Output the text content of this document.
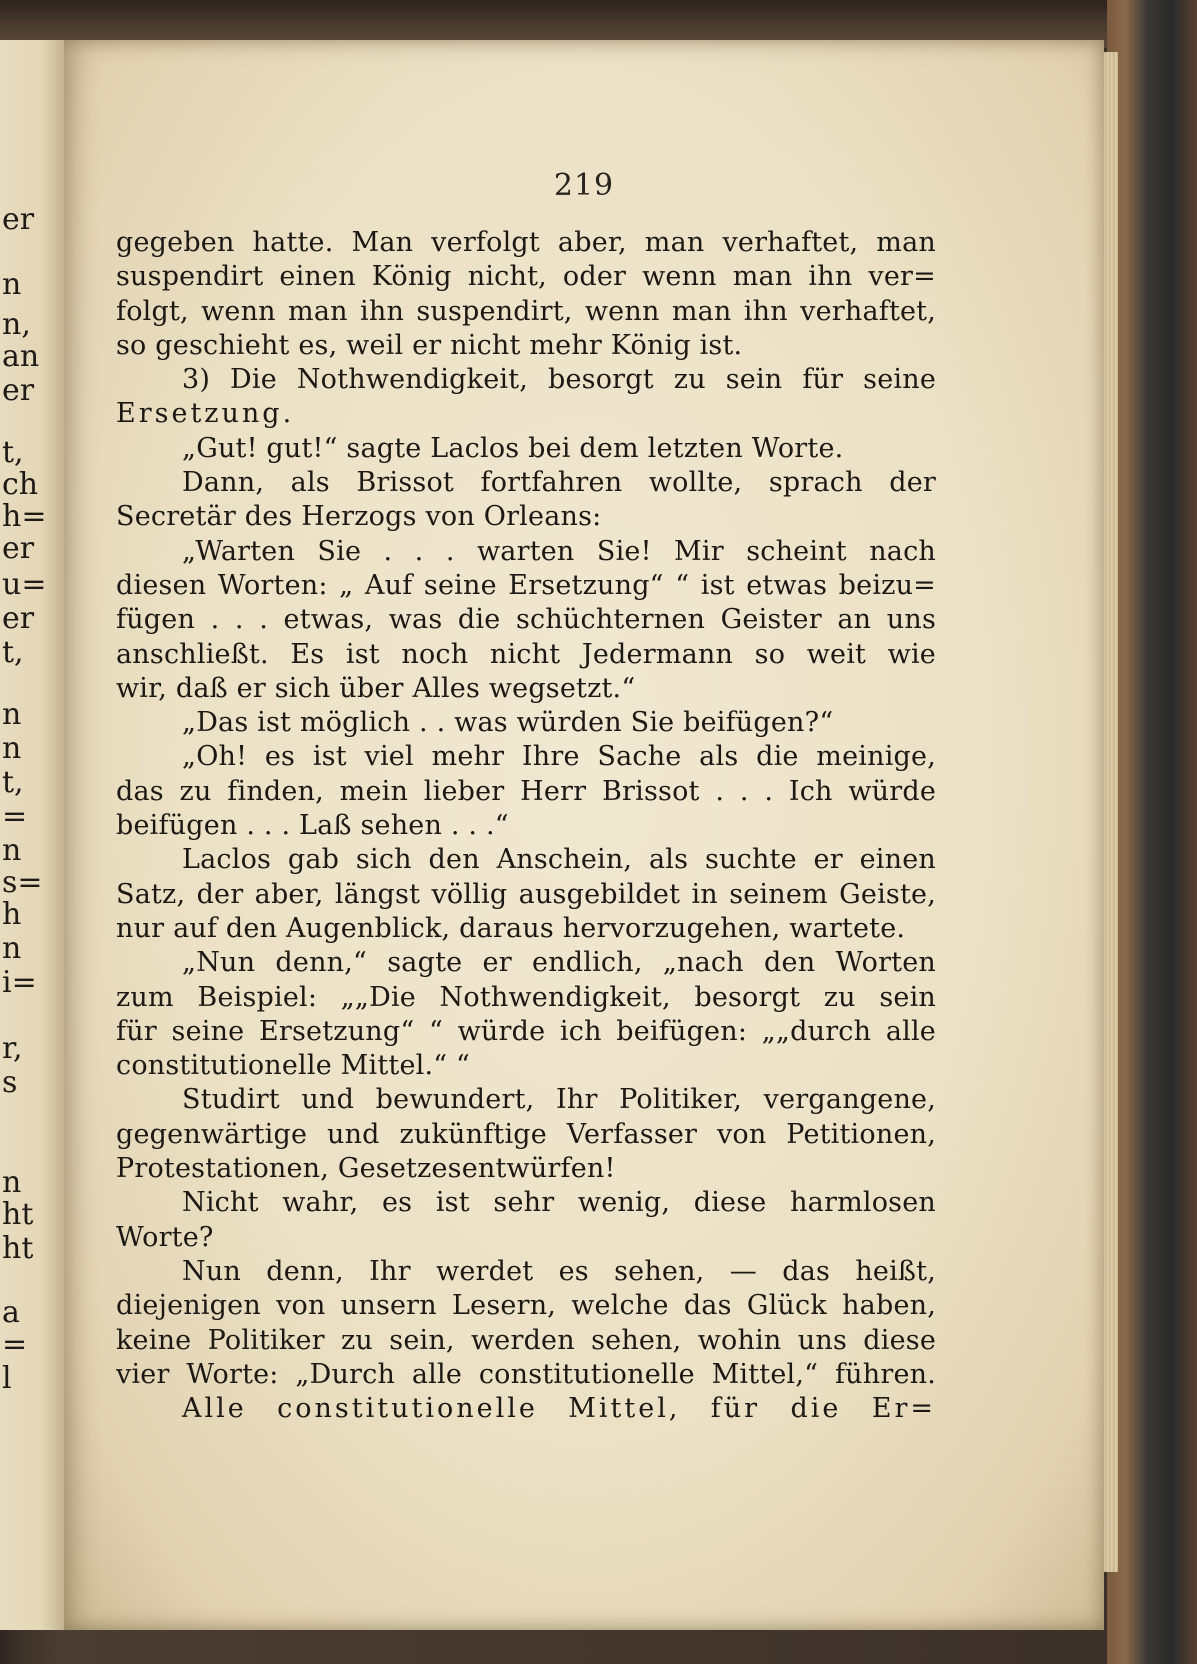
er
n
n,
an
er
t,
ch
h=
er
u=
er
t,
n
n
t,
=
n
s=
h
n
i=
r,
s
n
ht
ht
a
=
l
219
gegeben hatte. Man verfolgt aber, man verhaftet, man
suspendirt einen König nicht, oder wenn man ihn ver=
folgt, wenn man ihn suspendirt, wenn man ihn verhaftet,
so geschieht es, weil er nicht mehr König ist.
3) Die Nothwendigkeit, besorgt zu sein für seine
Ersetzung.
„Gut! gut!“ sagte Laclos bei dem letzten Worte.
Dann, als Brissot fortfahren wollte, sprach der
Secretär des Herzogs von Orleans:
„Warten Sie . . . warten Sie! Mir scheint nach
diesen Worten: „ Auf seine Ersetzung“ “ ist etwas beizu=
fügen . . . etwas, was die schüchternen Geister an uns
anschließt. Es ist noch nicht Jedermann so weit wie
wir, daß er sich über Alles wegsetzt.“
„Das ist möglich . . was würden Sie beifügen?“
„Oh! es ist viel mehr Ihre Sache als die meinige,
das zu finden, mein lieber Herr Brissot . . . Ich würde
beifügen . . . Laß sehen . . .“
Laclos gab sich den Anschein, als suchte er einen
Satz, der aber, längst völlig ausgebildet in seinem Geiste,
nur auf den Augenblick, daraus hervorzugehen, wartete.
„Nun denn,“ sagte er endlich, „nach den Worten
zum Beispiel: „„Die Nothwendigkeit, besorgt zu sein
für seine Ersetzung“ “ würde ich beifügen: „„durch alle
constitutionelle Mittel.“ “
Studirt und bewundert, Ihr Politiker, vergangene,
gegenwärtige und zukünftige Verfasser von Petitionen,
Protestationen, Gesetzesentwürfen!
Nicht wahr, es ist sehr wenig, diese harmlosen
Worte?
Nun denn, Ihr werdet es sehen, — das heißt,
diejenigen von unsern Lesern, welche das Glück haben,
keine Politiker zu sein, werden sehen, wohin uns diese
vier Worte: „Durch alle constitutionelle Mittel,“ führen.
Alle constitutionelle Mittel, für die Er=
